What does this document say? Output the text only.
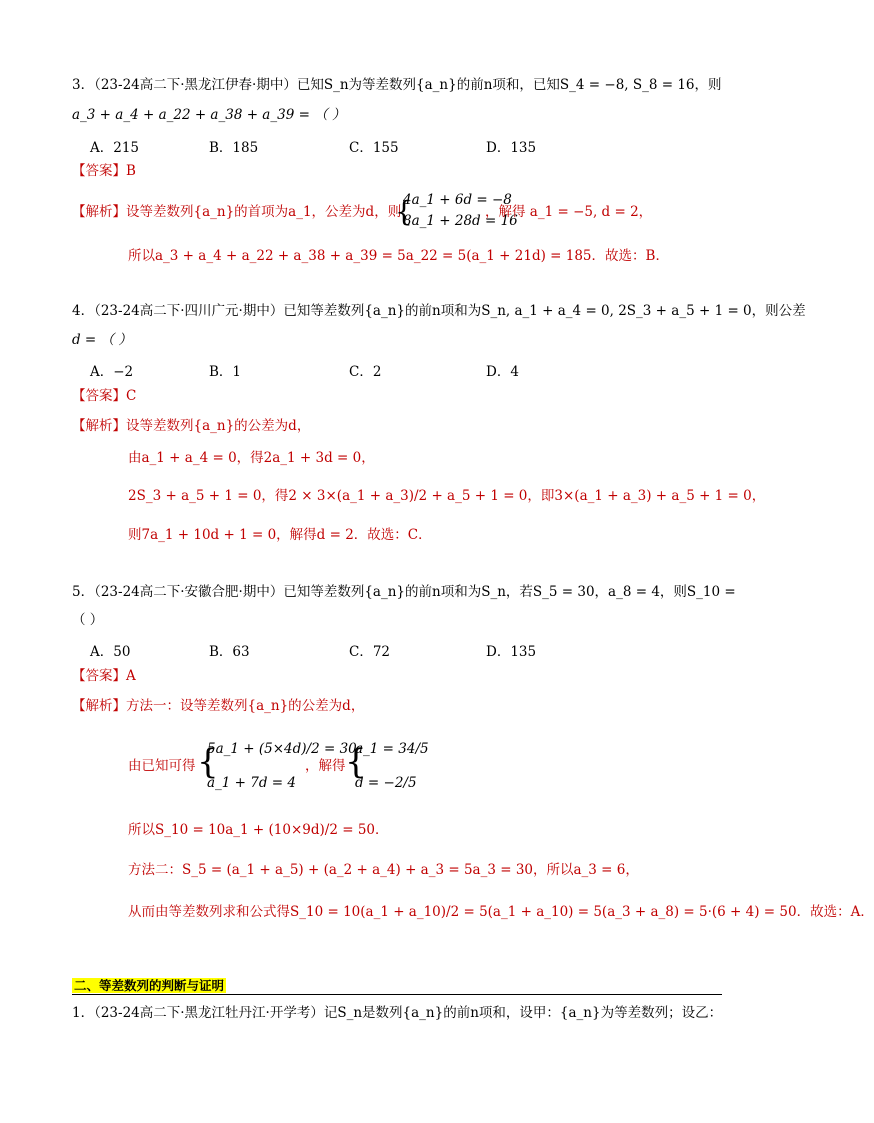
3．（23-24高二下·黑龙江伊春·期中）已知S_n为等差数列{a_n}的前n项和，已知S_4 = −8, S_8 = 16，则
a_3 + a_4 + a_22 + a_38 + a_39 = （ ）
A．215	B．185	C．155	D．135
【答案】B
【解析】设等差数列{a_n}的首项为a_1，公差为d，则
{
4a_1 + 6d = −8
8a_1 + 28d = 16
，解得 a_1 = −5, d = 2，
所以a_3 + a_4 + a_22 + a_38 + a_39 = 5a_22 = 5(a_1 + 21d) = 185．故选：B．
4．（23-24高二下·四川广元·期中）已知等差数列{a_n}的前n项和为S_n, a_1 + a_4 = 0, 2S_3 + a_5 + 1 = 0，则公差
d = （ ）
A．−2	B．1	C．2	D．4
【答案】C
【解析】设等差数列{a_n}的公差为d，
由a_1 + a_4 = 0，得2a_1 + 3d = 0，
2S_3 + a_5 + 1 = 0，得2 × 3×(a_1 + a_3)/2 + a_5 + 1 = 0，即3×(a_1 + a_3) + a_5 + 1 = 0，
则7a_1 + 10d + 1 = 0，解得d = 2．故选：C．
5．（23-24高二下·安徽合肥·期中）已知等差数列{a_n}的前n项和为S_n，若S_5 = 30，a_8 = 4，则S_10 =
（ ）
A．50	B．63	C．72	D．135
【答案】A
【解析】方法一：设等差数列{a_n}的公差为d，
由已知可得 {
5a_1 + (5×4d)/2 = 30
a_1 + 7d = 4
，解得 {
a_1 = 34/5
d = −2/5
所以S_10 = 10a_1 + (10×9d)/2 = 50．
方法二：S_5 = (a_1 + a_5) + (a_2 + a_4) + a_3 = 5a_3 = 30，所以a_3 = 6，
从而由等差数列求和公式得S_10 = 10(a_1 + a_10)/2 = 5(a_1 + a_10) = 5(a_3 + a_8) = 5·(6 + 4) = 50．故选：A．
二、等差数列的判断与证明
1．（23-24高二下·黑龙江牡丹江·开学考）记S_n是数列{a_n}的前n项和，设甲：{a_n}为等差数列；设乙：
